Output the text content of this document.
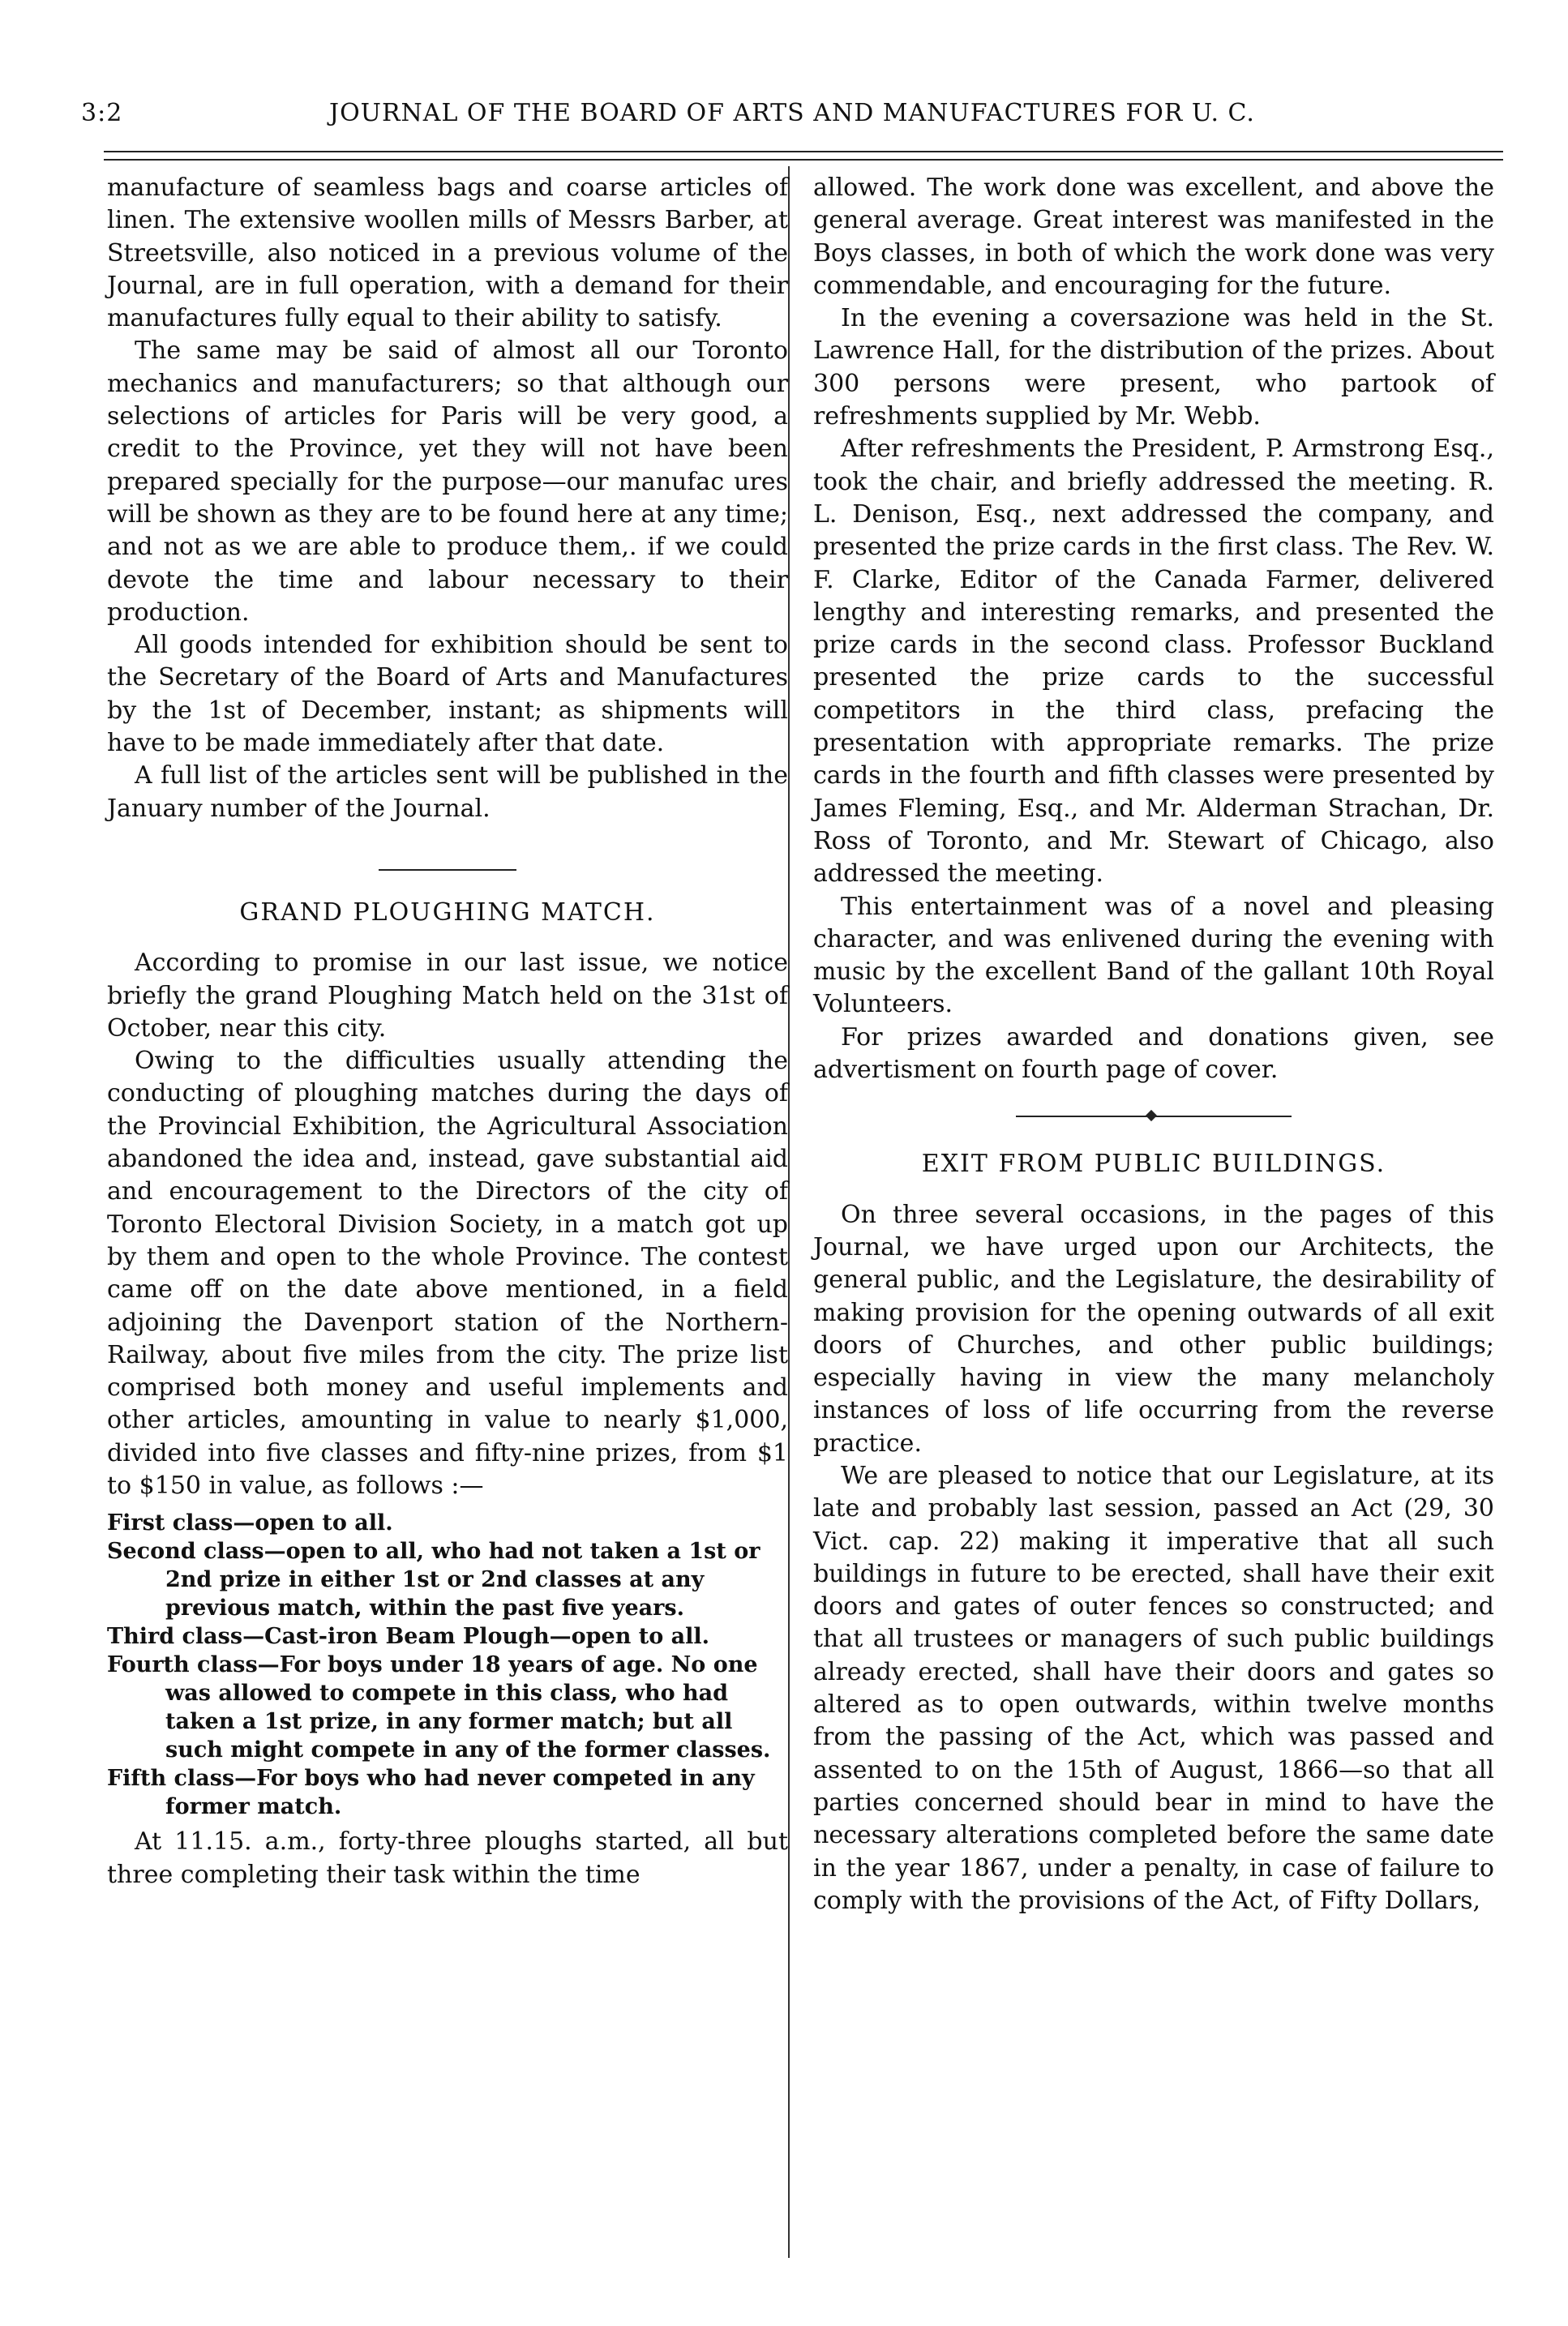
3:2	JOURNAL OF THE BOARD OF ARTS AND MANUFACTURES FOR U. C.

manufacture of seamless bags and coarse articles of linen. The extensive woollen mills of Messrs Barber, at Streetsville, also noticed in a previous volume of the Journal, are in full operation, with a demand for their manufactures fully equal to their ability to satisfy.

The same may be said of almost all our Toronto mechanics and manufacturers; so that although our selections of articles for Paris will be very good, a credit to the Province, yet they will not have been prepared specially for the purpose—our manufac ures will be shown as they are to be found here at any time; and not as we are able to produce them,. if we could devote the time and labour necessary to their production.

All goods intended for exhibition should be sent to the Secretary of the Board of Arts and Manufactures by the 1st of December, instant; as shipments will have to be made immediately after that date.

A full list of the articles sent will be published in the January number of the Journal.

GRAND PLOUGHING MATCH.

According to promise in our last issue, we notice briefly the grand Ploughing Match held on the 31st of October, near this city.

Owing to the difficulties usually attending the conducting of ploughing matches during the days of the Provincial Exhibition, the Agricultural Association abandoned the idea and, instead, gave substantial aid and encouragement to the Directors of the city of Toronto Electoral Division Society, in a match got up by them and open to the whole Province. The contest came off on the date above mentioned, in a field adjoining the Davenport station of the Northern-Railway, about five miles from the city. The prize list comprised both money and useful implements and other articles, amounting in value to nearly $1,000, divided into five classes and fifty-nine prizes, from $1 to $150 in value, as follows :—

First class—open to all.
Second class—open to all, who had not taken a 1st or 2nd prize in either 1st or 2nd classes at any previous match, within the past five years.
Third class—Cast-iron Beam Plough—open to all.
Fourth class—For boys under 18 years of age. No one was allowed to compete in this class, who had taken a 1st prize, in any former match; but all such might compete in any of the former classes.
Fifth class—For boys who had never competed in any former match.

At 11.15. a.m., forty-three ploughs started, all but three completing their task within the time

allowed. The work done was excellent, and above the general average. Great interest was manifested in the Boys classes, in both of which the work done was very commendable, and encouraging for the future.

In the evening a coversazione was held in the St. Lawrence Hall, for the distribution of the prizes. About 300 persons were present, who partook of refreshments supplied by Mr. Webb.

After refreshments the President, P. Armstrong Esq., took the chair, and briefly addressed the meeting. R. L. Denison, Esq., next addressed the company, and presented the prize cards in the first class. The Rev. W. F. Clarke, Editor of the Canada Farmer, delivered lengthy and interesting remarks, and presented the prize cards in the second class. Professor Buckland presented the prize cards to the successful competitors in the third class, prefacing the presentation with appropriate remarks. The prize cards in the fourth and fifth classes were presented by James Fleming, Esq., and Mr. Alderman Strachan, Dr. Ross of Toronto, and Mr. Stewart of Chicago, also addressed the meeting.

This entertainment was of a novel and pleasing character, and was enlivened during the evening with music by the excellent Band of the gallant 10th Royal Volunteers.

For prizes awarded and donations given, see advertisment on fourth page of cover.

EXIT FROM PUBLIC BUILDINGS.

On three several occasions, in the pages of this Journal, we have urged upon our Architects, the general public, and the Legislature, the desirability of making provision for the opening outwards of all exit doors of Churches, and other public buildings; especially having in view the many melancholy instances of loss of life occurring from the reverse practice.

We are pleased to notice that our Legislature, at its late and probably last session, passed an Act (29, 30 Vict. cap. 22) making it imperative that all such buildings in future to be erected, shall have their exit doors and gates of outer fences so constructed; and that all trustees or managers of such public buildings already erected, shall have their doors and gates so altered as to open outwards, within twelve months from the passing of the Act, which was passed and assented to on the 15th of August, 1866—so that all parties concerned should bear in mind to have the necessary alterations completed before the same date in the year 1867, under a penalty, in case of failure to comply with the provisions of the Act, of Fifty Dollars,
